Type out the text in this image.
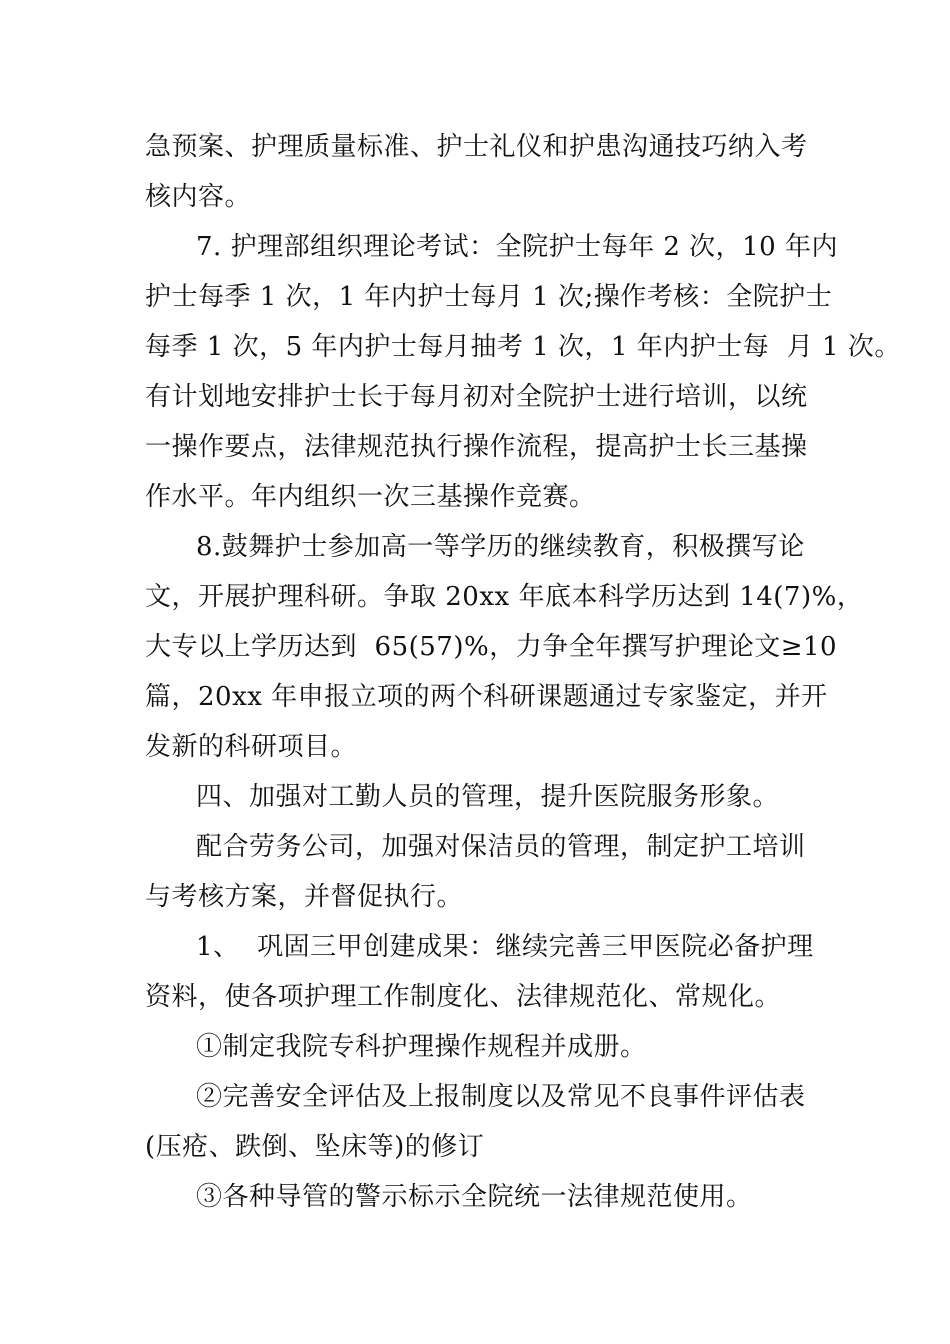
急预案、护理质量标准、护士礼仪和护患沟通技巧纳入考
核内容。
7. 护理部组织理论考试：全院护士每年 2 次，10 年内
护士每季 1 次，1 年内护士每月 1 次;操作考核：全院护士
每季 1 次，5 年内护士每月抽考 1 次，1 年内护士每  月 1 次。
有计划地安排护士长于每月初对全院护士进行培训，以统
一操作要点，法律规范执行操作流程，提高护士长三基操
作水平。年内组织一次三基操作竞赛。
8.鼓舞护士参加高一等学历的继续教育，积极撰写论
文，开展护理科研。争取 20xx 年底本科学历达到 14(7)%，
大专以上学历达到  65(57)%，力争全年撰写护理论文≥10
篇，20xx 年申报立项的两个科研课题通过专家鉴定，并开
发新的科研项目。
四、加强对工勤人员的管理，提升医院服务形象。
配合劳务公司，加强对保洁员的管理，制定护工培训
与考核方案，并督促执行。
1、  巩固三甲创建成果：继续完善三甲医院必备护理
资料，使各项护理工作制度化、法律规范化、常规化。
①制定我院专科护理操作规程并成册。
②完善安全评估及上报制度以及常见不良事件评估表
(压疮、跌倒、坠床等)的修订
③各种导管的警示标示全院统一法律规范使用。
